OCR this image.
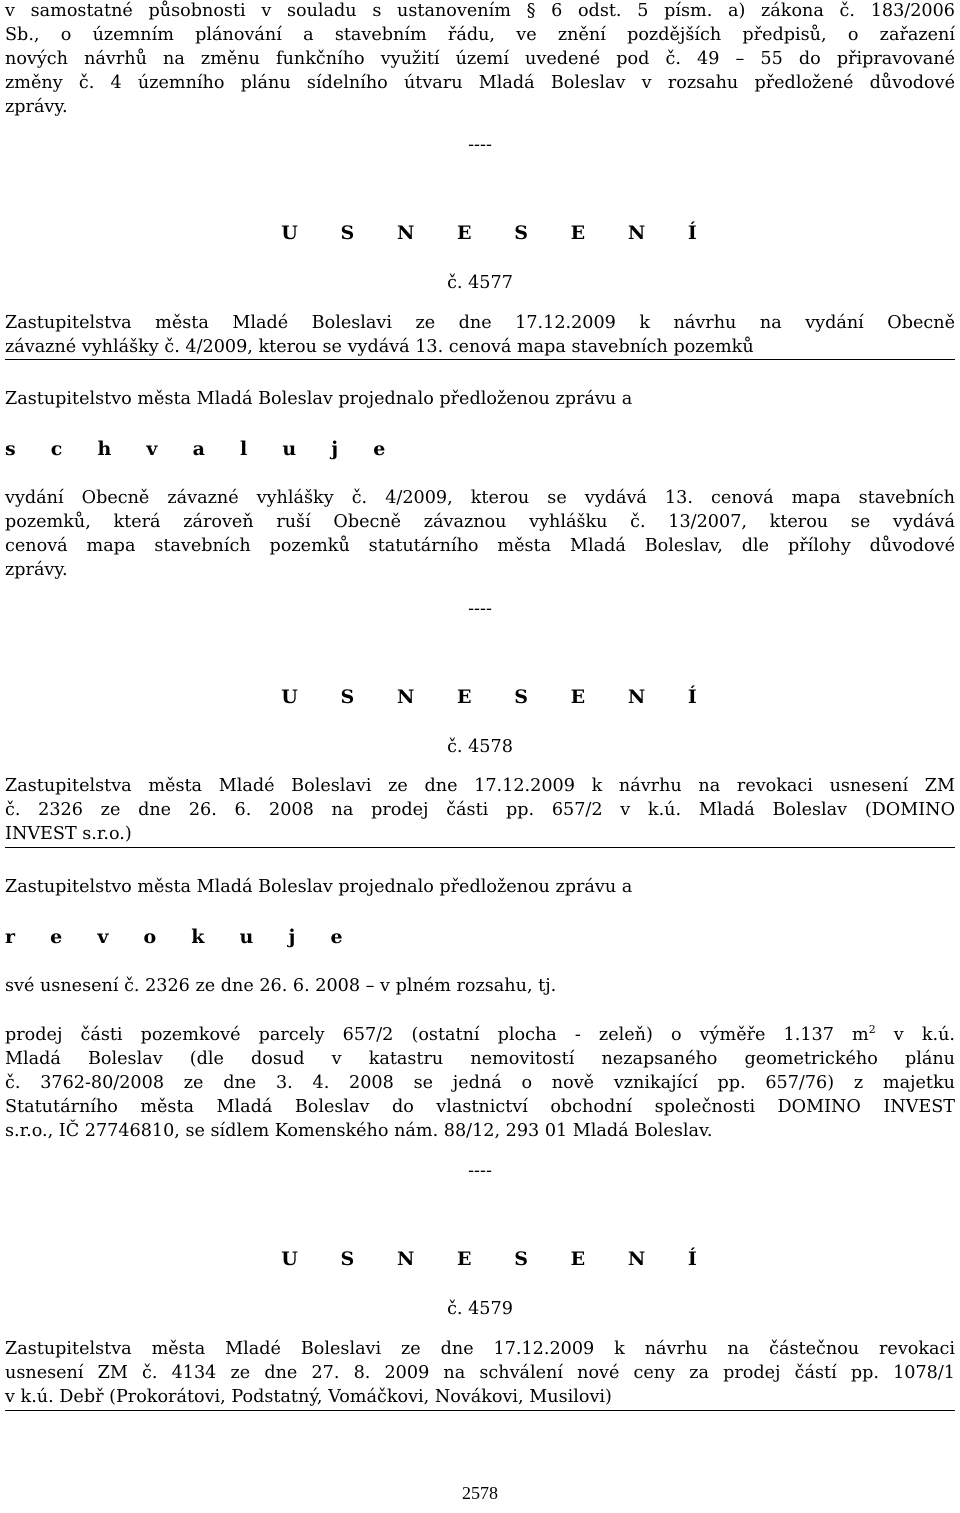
v samostatné působnosti v souladu s ustanovením § 6 odst. 5 písm. a) zákona č. 183/2006
Sb., o územním plánování a stavebním řádu, ve znění pozdějších předpisů, o zařazení
nových návrhů na změnu funkčního využití území uvedené pod č. 49 – 55 do připravované
změny č. 4 územního plánu sídelního útvaru Mladá Boleslav v rozsahu předložené důvodové
zprávy.
----
U S N E S E N Í
č. 4577
Zastupitelstva města Mladé Boleslavi ze dne 17.12.2009 k návrhu na vydání Obecně
závazné vyhlášky č. 4/2009, kterou se vydává 13. cenová mapa stavebních pozemků
Zastupitelstvo města Mladá Boleslav projednalo předloženou zprávu a
s c h v a l u j e
vydání Obecně závazné vyhlášky č. 4/2009, kterou se vydává 13. cenová mapa stavebních
pozemků, která zároveň ruší Obecně závaznou vyhlášku č. 13/2007, kterou se vydává
cenová mapa stavebních pozemků statutárního města Mladá Boleslav, dle přílohy důvodové
zprávy.
----
U S N E S E N Í
č. 4578
Zastupitelstva města Mladé Boleslavi ze dne 17.12.2009 k návrhu na revokaci usnesení ZM
č. 2326 ze dne 26. 6. 2008 na prodej části pp. 657/2 v k.ú. Mladá Boleslav (DOMINO
INVEST s.r.o.)
Zastupitelstvo města Mladá Boleslav projednalo předloženou zprávu a
r e v o k u j e
své usnesení č. 2326 ze dne 26. 6. 2008 – v plném rozsahu, tj.
prodej části pozemkové parcely 657/2 (ostatní plocha - zeleň) o výměře 1.137 $m^2$ v k.ú.
Mladá Boleslav (dle dosud v katastru nemovitostí nezapsaného geometrického plánu
č. 3762-80/2008 ze dne 3. 4. 2008 se jedná o nově vznikající pp. 657/76) z majetku
Statutárního města Mladá Boleslav do vlastnictví obchodní společnosti DOMINO INVEST
s.r.o., IČ 27746810, se sídlem Komenského nám. 88/12, 293 01 Mladá Boleslav.
----
U S N E S E N Í
č. 4579
Zastupitelstva města Mladé Boleslavi ze dne 17.12.2009 k návrhu na částečnou revokaci
usnesení ZM č. 4134 ze dne 27. 8. 2009 na schválení nové ceny za prodej částí pp. 1078/1
v k.ú. Debř (Prokorátovi, Podstatný, Vomáčkovi, Novákovi, Musilovi)
2578
